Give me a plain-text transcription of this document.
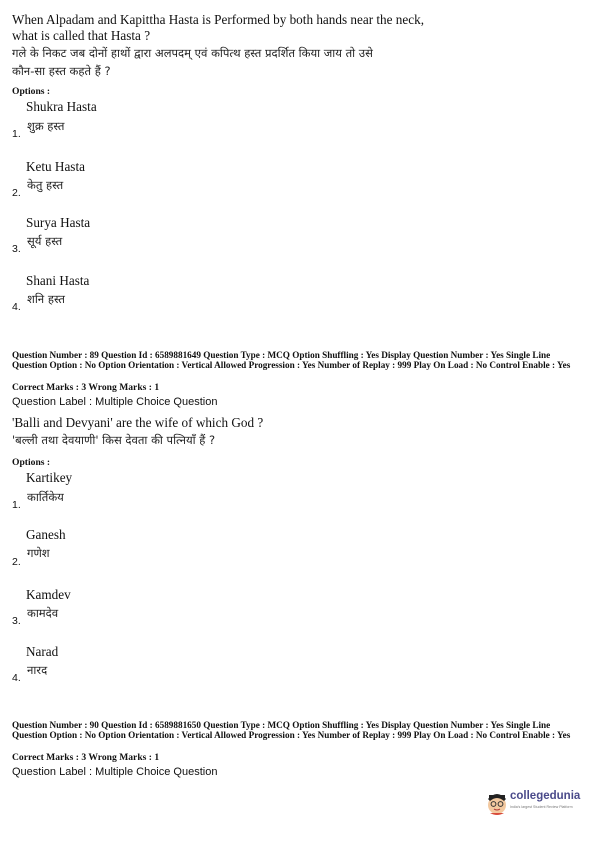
When Alpadam and Kapittha Hasta is Performed by both hands near the neck,
what is called that Hasta ?
गले के निकट जब दोनों हाथों द्वारा अलपदम् एवं कपित्थ हस्त प्रदर्शित किया जाय तो उसे
कौन-सा हस्त कहते हैं ?
Options :
Shukra Hasta
शुक्र हस्त
1.
Ketu Hasta
केतु हस्त
2.
Surya Hasta
सूर्य हस्त
3.
Shani Hasta
शनि हस्त
4.
Question Number : 89 Question Id : 6589881649 Question Type : MCQ Option Shuffling : Yes Display Question Number : Yes Single Line Question Option : No Option Orientation : Vertical Allowed Progression : Yes Number of Replay : 999 Play On Load : No Control Enable : Yes
Correct Marks : 3 Wrong Marks : 1
Question Label : Multiple Choice Question
'Balli and Devyani' are the wife of which God ?
'बल्ली तथा देवयाणी' किस देवता की पत्नियाँ हैं ?
Options :
Kartikey
कार्तिकेय
1.
Ganesh
गणेश
2.
Kamdev
कामदेव
3.
Narad
नारद
4.
Question Number : 90 Question Id : 6589881650 Question Type : MCQ Option Shuffling : Yes Display Question Number : Yes Single Line Question Option : No Option Orientation : Vertical Allowed Progression : Yes Number of Replay : 999 Play On Load : No Control Enable : Yes
Correct Marks : 3 Wrong Marks : 1
Question Label : Multiple Choice Question
collegedunia
India's largest Student Review Platform
